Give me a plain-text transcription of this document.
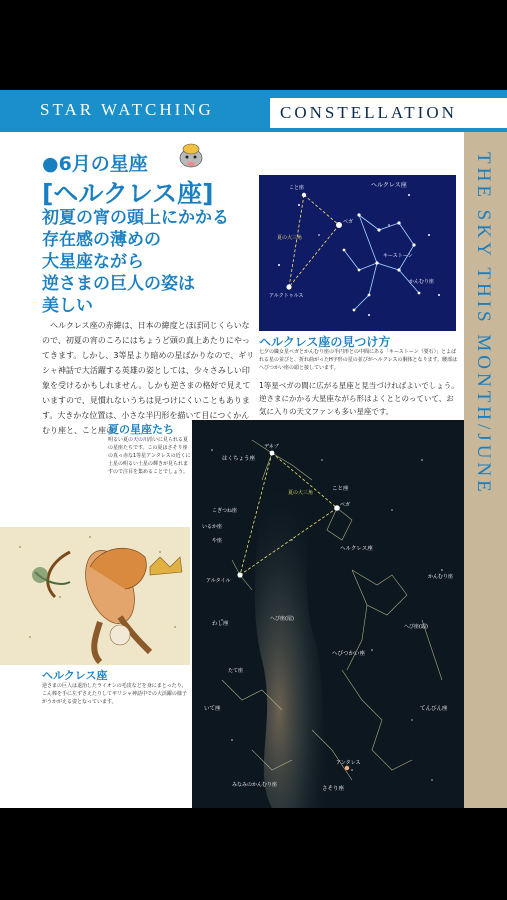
STAR WATCHING	CONSTELLATION
THE SKY THIS MONTH/JUNE
●6月の星座
[ヘルクレス座]
初夏の宵の頭上にかかる
存在感の薄めの
大星座ながら
逆さまの巨人の姿は
美しい

ヘルクレス座の赤緯は、日本の緯度とほぼ同じくらいなので、初夏の宵のころにはちょうど頭の真上あたりにやってきます。しかし、3等星より暗めの星ばかりなので、ギリシャ神話で大活躍する英雄の姿としては、少々さみしい印象を受けるかもしれません。しかも逆さまの格好で見えていますので、見慣れないうちは見つけにくいこともあります。大きかな位置は、小さな半円形を描いて目につくかんむり座と、こと座の

ヘルクレス座
ベガ
アルクトゥルス
夏の大三角
キーストーン
かんむり座
こと座
ヘルクレス座の見つけ方
七夕の織女星ベガとかんむり座の半円形との中間にある「キーストーン（要石）」とよばれる星の並びと、折れ曲がったH字形の星の並びがヘルクレスの胴体となります。腰部はへびつかい座の頭と接しています。
1等星ベガの間に広がる星座と見当づければよいでしょう。逆さまにかかる大星座ながら形はよくととのっていて、お気に入りの天文ファンも多い星座です。
夏の星座たち
明るい夏の天の川沿いに見られる夏の星座たちです。この夏はさそり座の真っ赤な1等星アンタレスの近くに土星の明るい土星の輝きが見られますので注目を集めることでしょう。
はくちょう座
デネブ
ベガ
こと座
夏の大三角
こぎつね座
いるか座
や座
ヘルクレス座
アルタイル
わし座
かんむり座
へび座(尾)
へび座(頭)
へびつかい座
たて座
いて座	てんびん座
さそり座
アンタレス
みなみのかんむり座
ヘルクレス座
逆さまの巨人は退治したライオンの毛皮などを身にまとったり、こん棒を手に左ずさえたりしてギリシャ神話中での大活躍の様子がうかがえる姿となっています。
